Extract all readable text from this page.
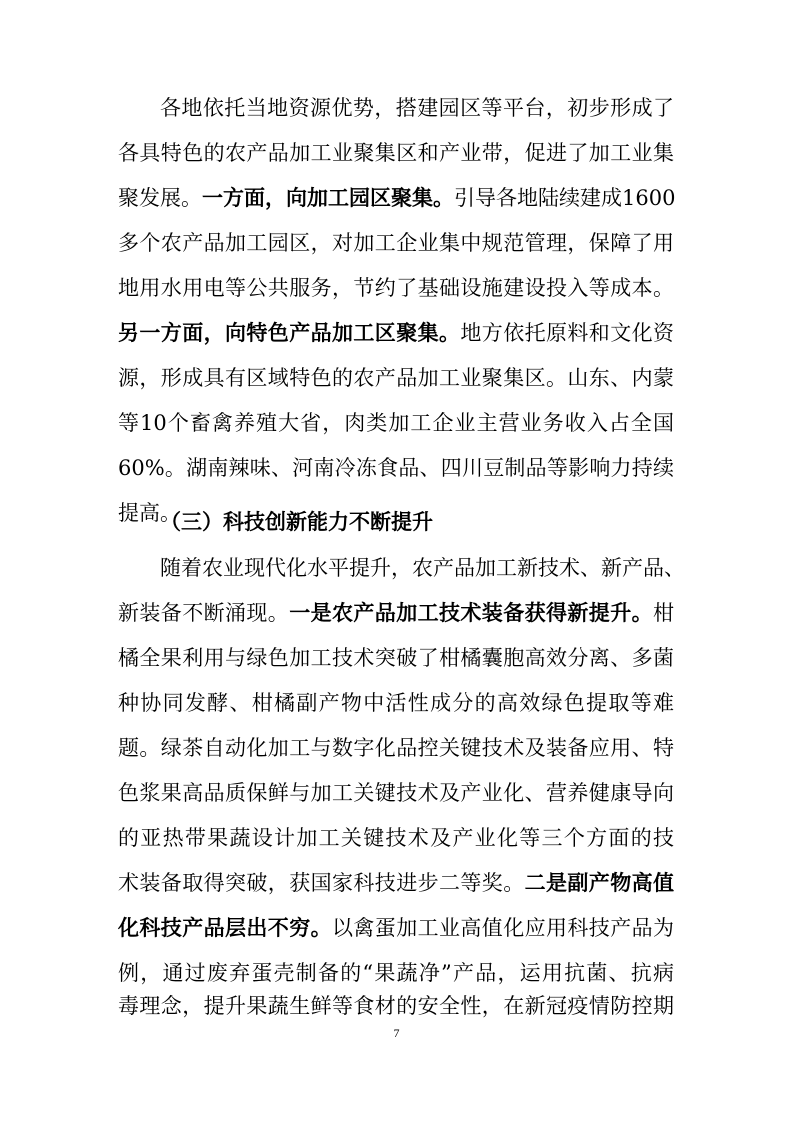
各地依托当地资源优势，搭建园区等平台，初步形成了
各具特色的农产品加工业聚集区和产业带，促进了加工业集
聚发展。一方面，向加工园区聚集。引导各地陆续建成1600
多个农产品加工园区，对加工企业集中规范管理，保障了用
地用水用电等公共服务，节约了基础设施建设投入等成本。
另一方面，向特色产品加工区聚集。地方依托原料和文化资
源，形成具有区域特色的农产品加工业聚集区。山东、内蒙
等10个畜禽养殖大省，肉类加工企业主营业务收入占全国
60%。湖南辣味、河南冷冻食品、四川豆制品等影响力持续
提高。
（三）科技创新能力不断提升
随着农业现代化水平提升，农产品加工新技术、新产品、
新装备不断涌现。一是农产品加工技术装备获得新提升。柑
橘全果利用与绿色加工技术突破了柑橘囊胞高效分离、多菌
种协同发酵、柑橘副产物中活性成分的高效绿色提取等难
题。绿茶自动化加工与数字化品控关键技术及装备应用、特
色浆果高品质保鲜与加工关键技术及产业化、营养健康导向
的亚热带果蔬设计加工关键技术及产业化等三个方面的技
术装备取得突破，获国家科技进步二等奖。二是副产物高值
化科技产品层出不穷。以禽蛋加工业高值化应用科技产品为
例，通过废弃蛋壳制备的“果蔬净”产品，运用抗菌、抗病
毒理念，提升果蔬生鲜等食材的安全性，在新冠疫情防控期
7
